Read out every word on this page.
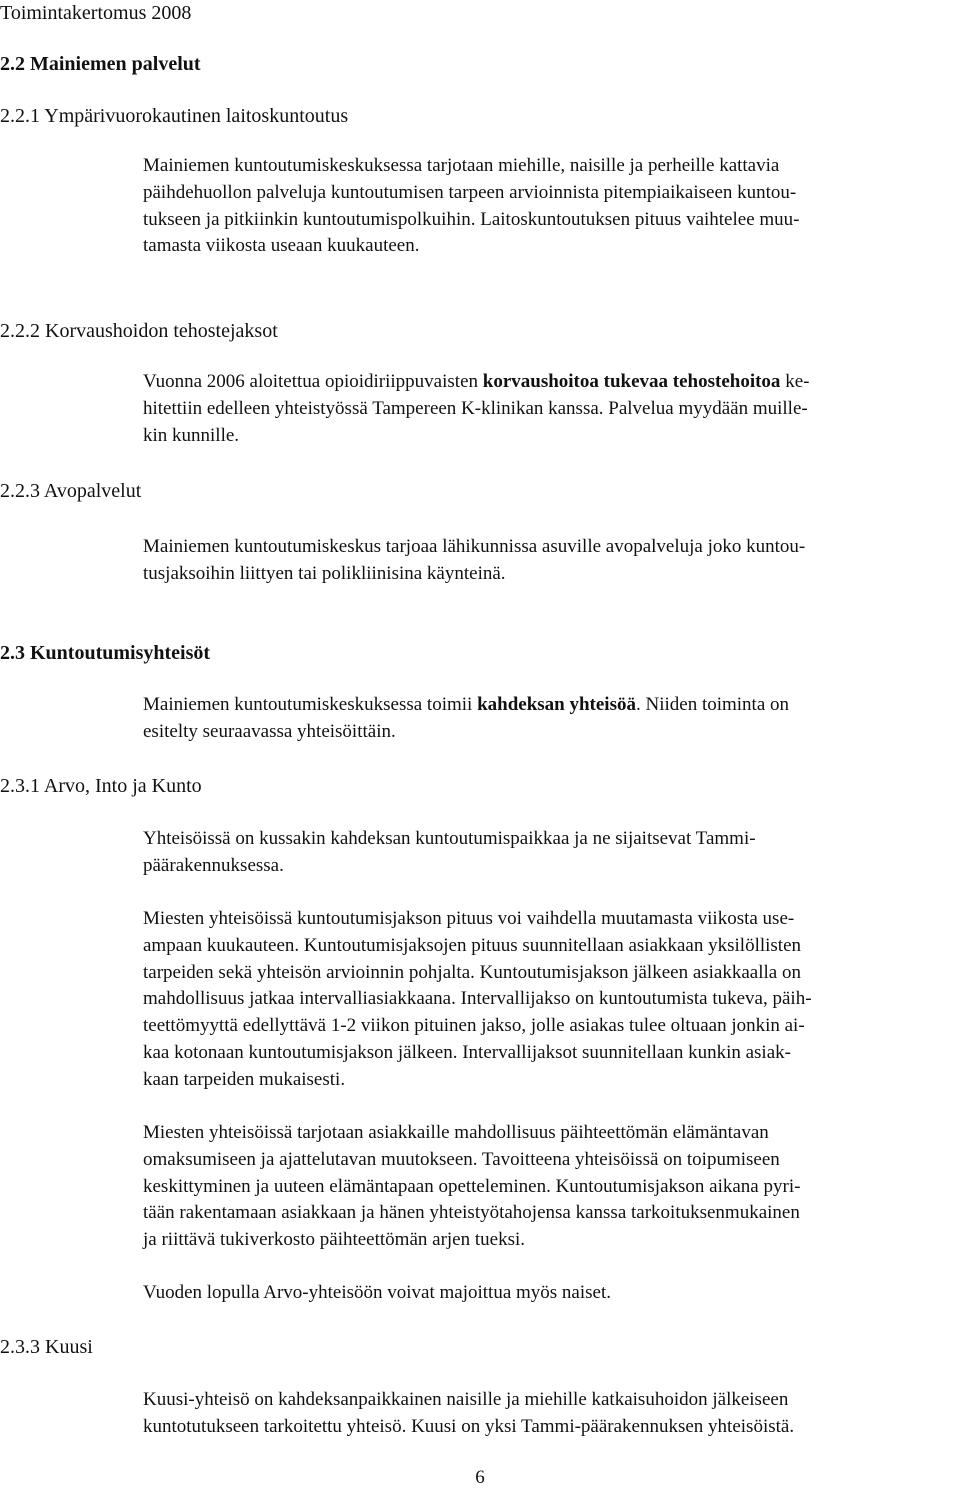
Toimintakertomus 2008
2.2 Mainiemen palvelut
2.2.1 Ympärivuorokautinen laitoskuntoutus
Mainiemen kuntoutumiskeskuksessa tarjotaan miehille, naisille ja perheille kattavia
päihdehuollon palveluja kuntoutumisen tarpeen arvioinnista pitempiaikaiseen kuntou-
tukseen ja pitkiinkin kuntoutumispolkuihin. Laitoskuntoutuksen pituus vaihtelee muu-
tamasta viikosta useaan kuukauteen.
2.2.2 Korvaushoidon tehostejaksot
Vuonna 2006 aloitettua opioidiriippuvaisten korvaushoitoa tukevaa tehostehoitoa ke-
hitettiin edelleen yhteistyössä Tampereen K-klinikan kanssa. Palvelua myydään muille-
kin kunnille.
2.2.3 Avopalvelut
Mainiemen kuntoutumiskeskus tarjoaa lähikunnissa asuville avopalveluja joko kuntou-
tusjaksoihin liittyen tai polikliinisina käynteinä.
2.3 Kuntoutumisyhteisöt
Mainiemen kuntoutumiskeskuksessa toimii kahdeksan yhteisöä. Niiden toiminta on
esitelty seuraavassa yhteisöittäin.
2.3.1 Arvo, Into ja Kunto
Yhteisöissä on kussakin kahdeksan kuntoutumispaikkaa ja ne sijaitsevat Tammi-
päärakennuksessa.
Miesten yhteisöissä kuntoutumisjakson pituus voi vaihdella muutamasta viikosta use-
ampaan kuukauteen. Kuntoutumisjaksojen pituus suunnitellaan asiakkaan yksilöllisten
tarpeiden sekä yhteisön arvioinnin pohjalta. Kuntoutumisjakson jälkeen asiakkaalla on
mahdollisuus jatkaa intervalliasiakkaana. Intervallijakso on kuntoutumista tukeva, päih-
teettömyyttä edellyttävä 1-2 viikon pituinen jakso, jolle asiakas tulee oltuaan jonkin ai-
kaa kotonaan kuntoutumisjakson jälkeen. Intervallijaksot suunnitellaan kunkin asiak-
kaan tarpeiden mukaisesti.
Miesten yhteisöissä tarjotaan asiakkaille mahdollisuus päihteettömän elämäntavan
omaksumiseen ja ajattelutavan muutokseen. Tavoitteena yhteisöissä on toipumiseen
keskittyminen ja uuteen elämäntapaan opetteleminen. Kuntoutumisjakson aikana pyri-
tään rakentamaan asiakkaan ja hänen yhteistyötahojensa kanssa tarkoituksenmukainen
ja riittävä tukiverkosto päihteettömän arjen tueksi.
Vuoden lopulla Arvo-yhteisöön voivat majoittua myös naiset.
2.3.3 Kuusi
Kuusi-yhteisö on kahdeksanpaikkainen naisille ja miehille katkaisuhoidon jälkeiseen
kuntotutukseen tarkoitettu yhteisö. Kuusi on yksi Tammi-päärakennuksen yhteisöistä.
6
